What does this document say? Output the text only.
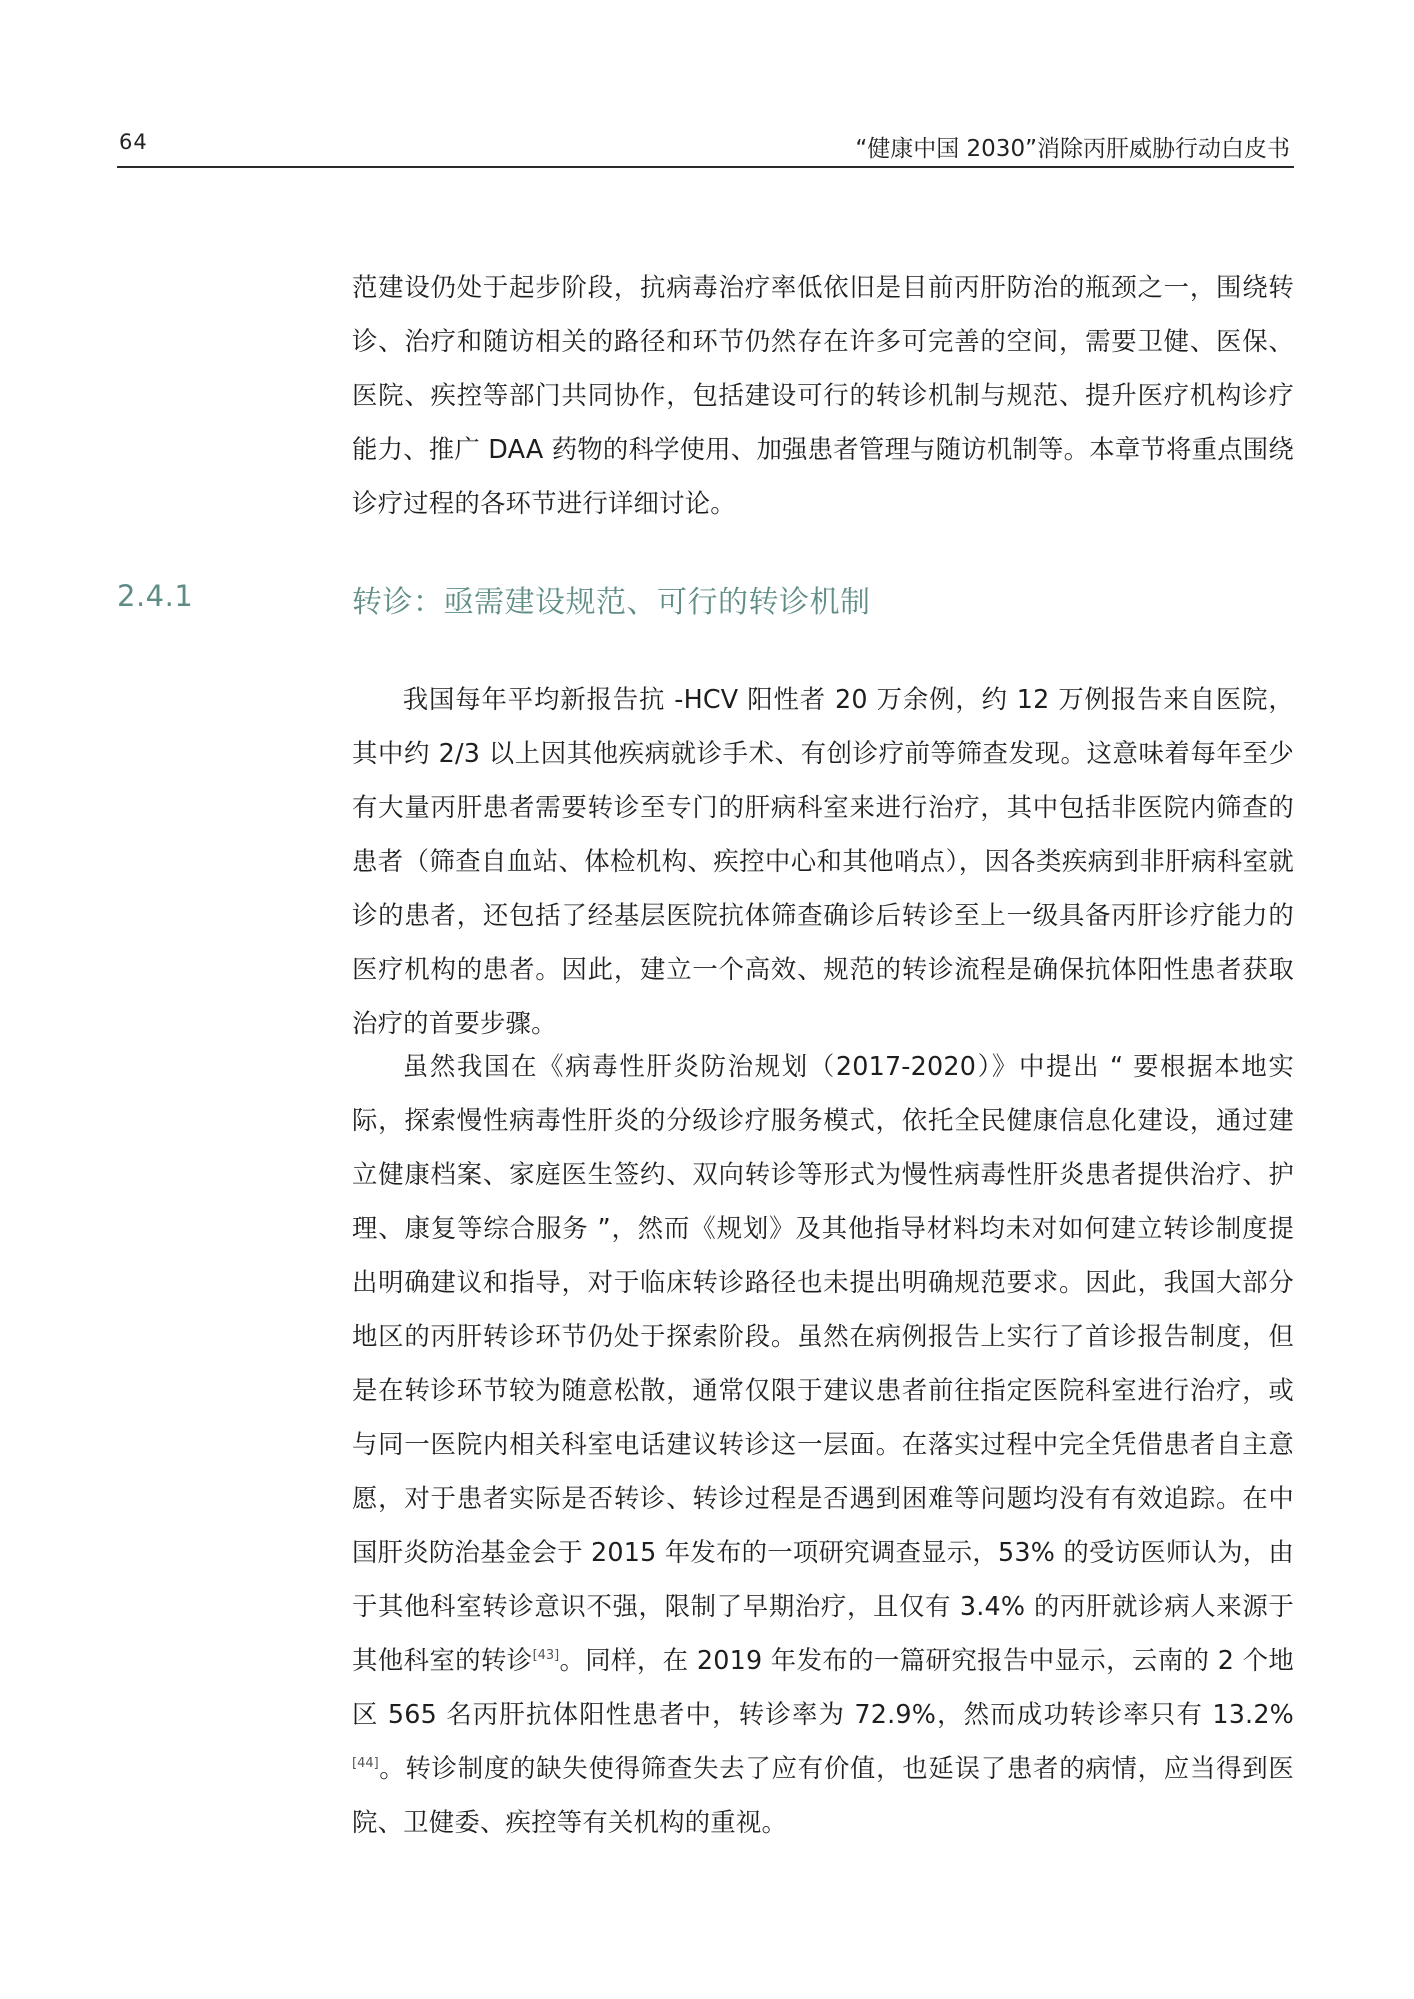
64	“健康中国 2030”消除丙肝威胁行动白皮书

范建设仍处于起步阶段，抗病毒治疗率低依旧是目前丙肝防治的瓶颈之一，围绕转诊、治疗和随访相关的路径和环节仍然存在许多可完善的空间，需要卫健、医保、医院、疾控等部门共同协作，包括建设可行的转诊机制与规范、提升医疗机构诊疗能力、推广 DAA 药物的科学使用、加强患者管理与随访机制等。本章节将重点围绕诊疗过程的各环节进行详细讨论。

2.4.1	转诊：亟需建设规范、可行的转诊机制

我国每年平均新报告抗 -HCV 阳性者 20 万余例，约 12 万例报告来自医院，其中约 2/3 以上因其他疾病就诊手术、有创诊疗前等筛查发现。这意味着每年至少有大量丙肝患者需要转诊至专门的肝病科室来进行治疗，其中包括非医院内筛查的患者（筛查自血站、体检机构、疾控中心和其他哨点），因各类疾病到非肝病科室就诊的患者，还包括了经基层医院抗体筛查确诊后转诊至上一级具备丙肝诊疗能力的医疗机构的患者。因此，建立一个高效、规范的转诊流程是确保抗体阳性患者获取治疗的首要步骤。

虽然我国在《病毒性肝炎防治规划（2017-2020）》中提出 “ 要根据本地实际，探索慢性病毒性肝炎的分级诊疗服务模式，依托全民健康信息化建设，通过建立健康档案、家庭医生签约、双向转诊等形式为慢性病毒性肝炎患者提供治疗、护理、康复等综合服务 ”，然而《规划》及其他指导材料均未对如何建立转诊制度提出明确建议和指导，对于临床转诊路径也未提出明确规范要求。因此，我国大部分地区的丙肝转诊环节仍处于探索阶段。虽然在病例报告上实行了首诊报告制度，但是在转诊环节较为随意松散，通常仅限于建议患者前往指定医院科室进行治疗，或与同一医院内相关科室电话建议转诊这一层面。在落实过程中完全凭借患者自主意愿，对于患者实际是否转诊、转诊过程是否遇到困难等问题均没有有效追踪。在中国肝炎防治基金会于 2015 年发布的一项研究调查显示，53% 的受访医师认为，由于其他科室转诊意识不强，限制了早期治疗，且仅有 3.4% 的丙肝就诊病人来源于其他科室的转诊[43]。同样，在 2019 年发布的一篇研究报告中显示，云南的 2 个地区 565 名丙肝抗体阳性患者中，转诊率为 72.9%，然而成功转诊率只有 13.2%[44]。转诊制度的缺失使得筛查失去了应有价值，也延误了患者的病情，应当得到医院、卫健委、疾控等有关机构的重视。
